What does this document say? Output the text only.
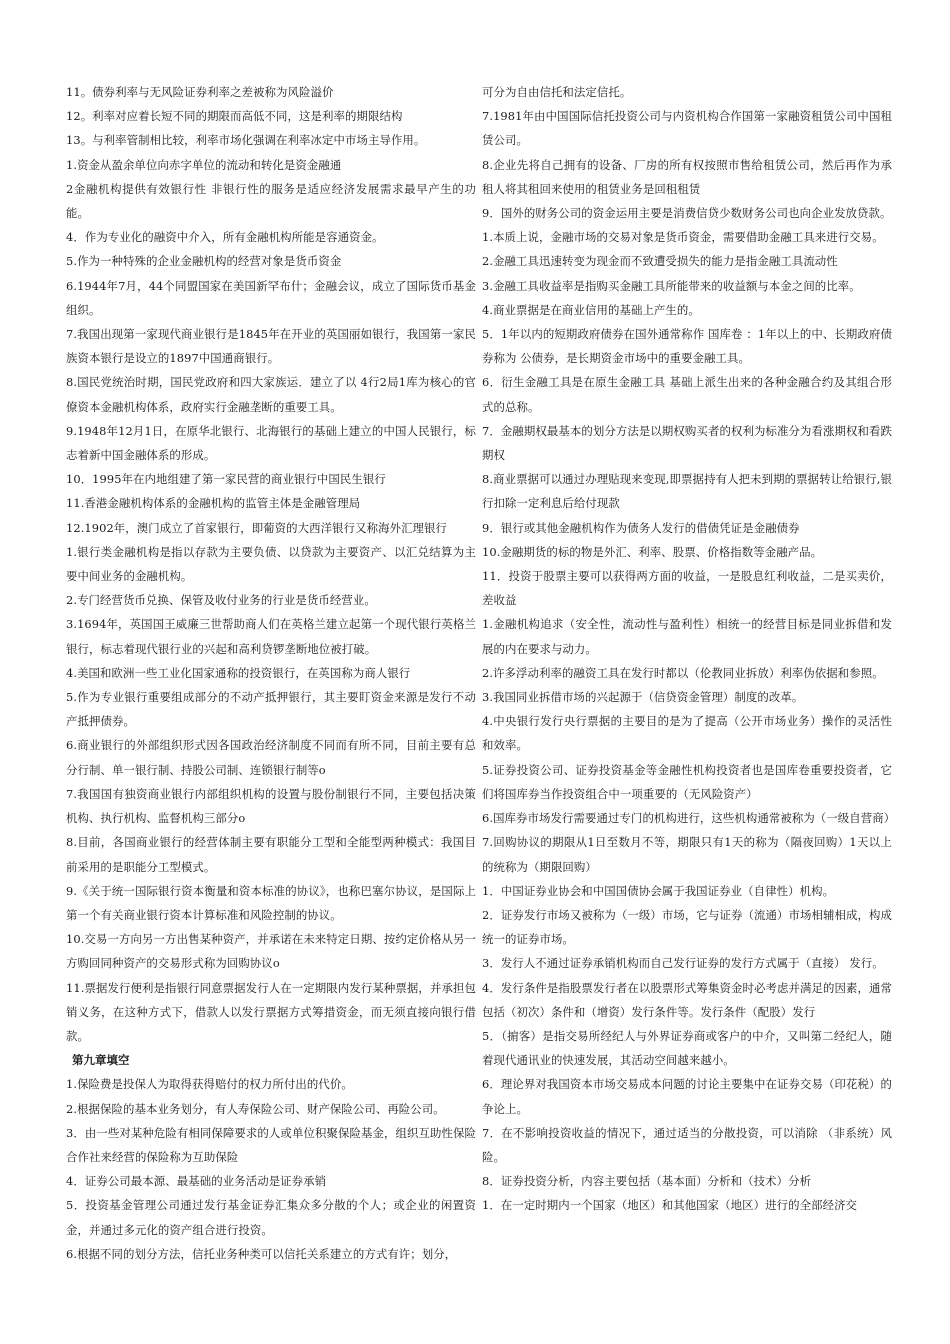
11。债券利率与无风险证券利率之差被称为风险溢价
12。利率对应着长短不同的期限而高低不同，这是利率的期限结构
13。与利率管制相比较，利率市场化强调在利率冰定中市场主导作用。
1.资金从盈余单位向赤字单位的流动和转化是资金融通
2金融机构提供有效银行性 非银行性的服务是适应经济发展需求最早产生的功能。
4．作为专业化的融资中介入，所有金融机构所能是容通资金。
5.作为一种特殊的企业金融机构的经营对象是货币资金
6.1944年7月，44个同盟国家在美国新罕布什；金融会议，成立了国际货币基金组织。
7.我国出现第一家现代商业银行是1845年在开业的英国丽如银行，我国第一家民族资本银行是设立的1897中国通商银行。
8.国民党统治时期，国民党政府和四大家族运．建立了以 4行2局1库为核心的官僚资本金融机构体系，政府实行金融垄断的重要工具。
9.1948年12月1日，在原华北银行、北海银行的基础上建立的中国人民银行，标志着新中国金融体系的形成。
10．1995年在内地组建了第一家民营的商业银行中国民生银行
11.香港金融机构体系的金融机构的监管主体是金融管理局
12.1902年，澳门成立了首家银行，即葡资的大西洋银行又称海外汇理银行
1.银行类金融机构是指以存款为主要负债、以贷款为主要资产、以汇兑结算为主要中间业务的金融机构。
2.专门经营货币兑换、保管及收付业务的行业是货币经营业。
3.1694年，英国国王威廉三世帮助商人们在英格兰建立起第一个现代银行英格兰银行，标志着现代银行业的兴起和高利贷锣垄断地位被打破。
4.美国和欧洲一些工业化国家通称的投资银行，在英国称为商人银行
5.作为专业银行重要组成部分的不动产抵押银行，其主要盯资金来源是发行不动产抵押债券。
6.商业银行的外部组织形式因各国政治经济制度不同而有所不同，目前主要有总分行制、单一银行制、持股公司制、连锁银行制等o
7.我国国有独资商业银行内部组织机构的设置与股份制银行不同，主要包括决策机构、执行机构、监督机构三部分o
8.目前，各国商业银行的经营体制主要有职能分工型和全能型两种模式：我国目前采用的是职能分工型模式。
9.《关于统一国际银行资本衡量和资本标准的协议》，也称巴塞尔协议，是国际上第一个有关商业银行资本计算标准和风险控制的协议。
10.交易一方向另一方出售某种资产，并承诺在未来特定日期、按约定价格从另一方购回同种资产的交易形式称为回购协议o
11.票据发行便利是指银行同意票据发行人在一定期限内发行某种票据，并承担包销义务，在这种方式下，借款人以发行票据方式筹措资金，而无须直接向银行借款。
第九章填空
1.保险费是投保人为取得获得赔付的权力所付出的代价。
2.根据保险的基本业务划分，有人寿保险公司、财产保险公司、再险公司。
3．由一些对某种危险有相同保障要求的人或单位积聚保险基金，组织互助性保险合作社来经营的保险称为互助保险
4．证券公司最本源、最基础的业务活动是证券承销
5．投资基金管理公司通过发行基金证券汇集众多分散的个人；或企业的闲置资金，并通过多元化的资产组合进行投资。
6.根据不同的划分方法，信托业务种类可以信托关系建立的方式有许；划分，
可分为自由信托和法定信托。
7.1981年由中国国际信托投资公司与内资机构合作国第一家融资租赁公司中国租赁公司。
8.企业先将自己拥有的设备、厂房的所有权按照市售给租赁公司，然后再作为承租人将其租回来使用的租赁业务是回租租赁
9．国外的财务公司的资金运用主要是消费信贷少数财务公司也向企业发放贷款。
1.本质上说，金融市场的交易对象是货币资金，需要借助金融工具来进行交易。
2.金融工具迅速转变为现金而不致遭受损失的能力是指金融工具流动性
3.金融工具收益率是指购买金融工具所能带来的收益额与本金之间的比率。
4.商业票据是在商业信用的基础上产生的。
5．1年以内的短期政府债券在国外通常称作 国库卷 ：1年以上的中、长期政府债券称为 公债券，是长期资金市场中的重要金融工具。
6．衍生金融工具是在原生金融工具 基础上派生出来的各种金融合约及其组合形式的总称。
7．金融期权最基本的划分方法是以期权购买者的权利为标准分为看涨期权和看跌期权
8.商业票据可以通过办理贴现来变现,即票据持有人把未到期的票据转让给银行,银行扣除一定利息后给付现款
9．银行或其他金融机构作为债务人发行的借债凭证是金融债券
10.金融期货的标的物是外汇、利率、股票、价格指数等金融产品。
11．投资于股票主要可以获得两方面的收益，一是股息红利收益，二是买卖价，差收益
1.金融机构追求（安全性，流动性与盈利性）相统一的经营目标是同业拆借和发展的内在要求与动力。
2.许多浮动利率的融资工具在发行时都以（伦教同业拆放）利率伪依据和参照。
3.我国同业拆借市场的兴起源于（信贷资金管理）制度的改革。
4.中央银行发行央行票据的主要目的是为了提高（公开市场业务）操作的灵活性和效率。
5.证券投资公司、证券投资基金等金融性机构投资者也是国库卷重要投资者，它们将国库券当作投资组合中一项重要的（无风险资产）
6.国库券市场发行需要通过专门的机构进行，这些机构通常被称为（一级自营商）
7.回购协议的期限从1日至数月不等，期限只有1天的称为（隔夜回购）1天以上的统称为（期限回购）
1．中国证券业协会和中国国债协会属于我国证券业（自律性）机构。
2．证券发行市场又被称为（一级）市场，它与证券（流通）市场相辅相成，构成统一的证券市场。
3．发行人不通过证券承销机构而自己发行证券的发行方式属于（直接） 发行。
4．发行条件是指股票发行者在以股票形式筹集资金时必考虑并满足的因素，通常包括（初次）条件和（增资）发行条件等。发行条件（配股）发行
5．（掮客）是指交易所经纪人与外界证券商或客户的中介，又叫第二经纪人，随着现代通讯业的快速发展，其活动空间越来越小。
6．理论界对我国资本市场交易成本问题的讨论主要集中在证券交易（印花税）的争论上。
7．在不影响投资收益的情况下，通过适当的分散投资，可以消除 （非系统）风险。
8．证券投资分析，内容主要包括（基本面）分析和（技术）分析
1．在一定时期内一个国家（地区）和其他国家（地区）进行的全部经济交
